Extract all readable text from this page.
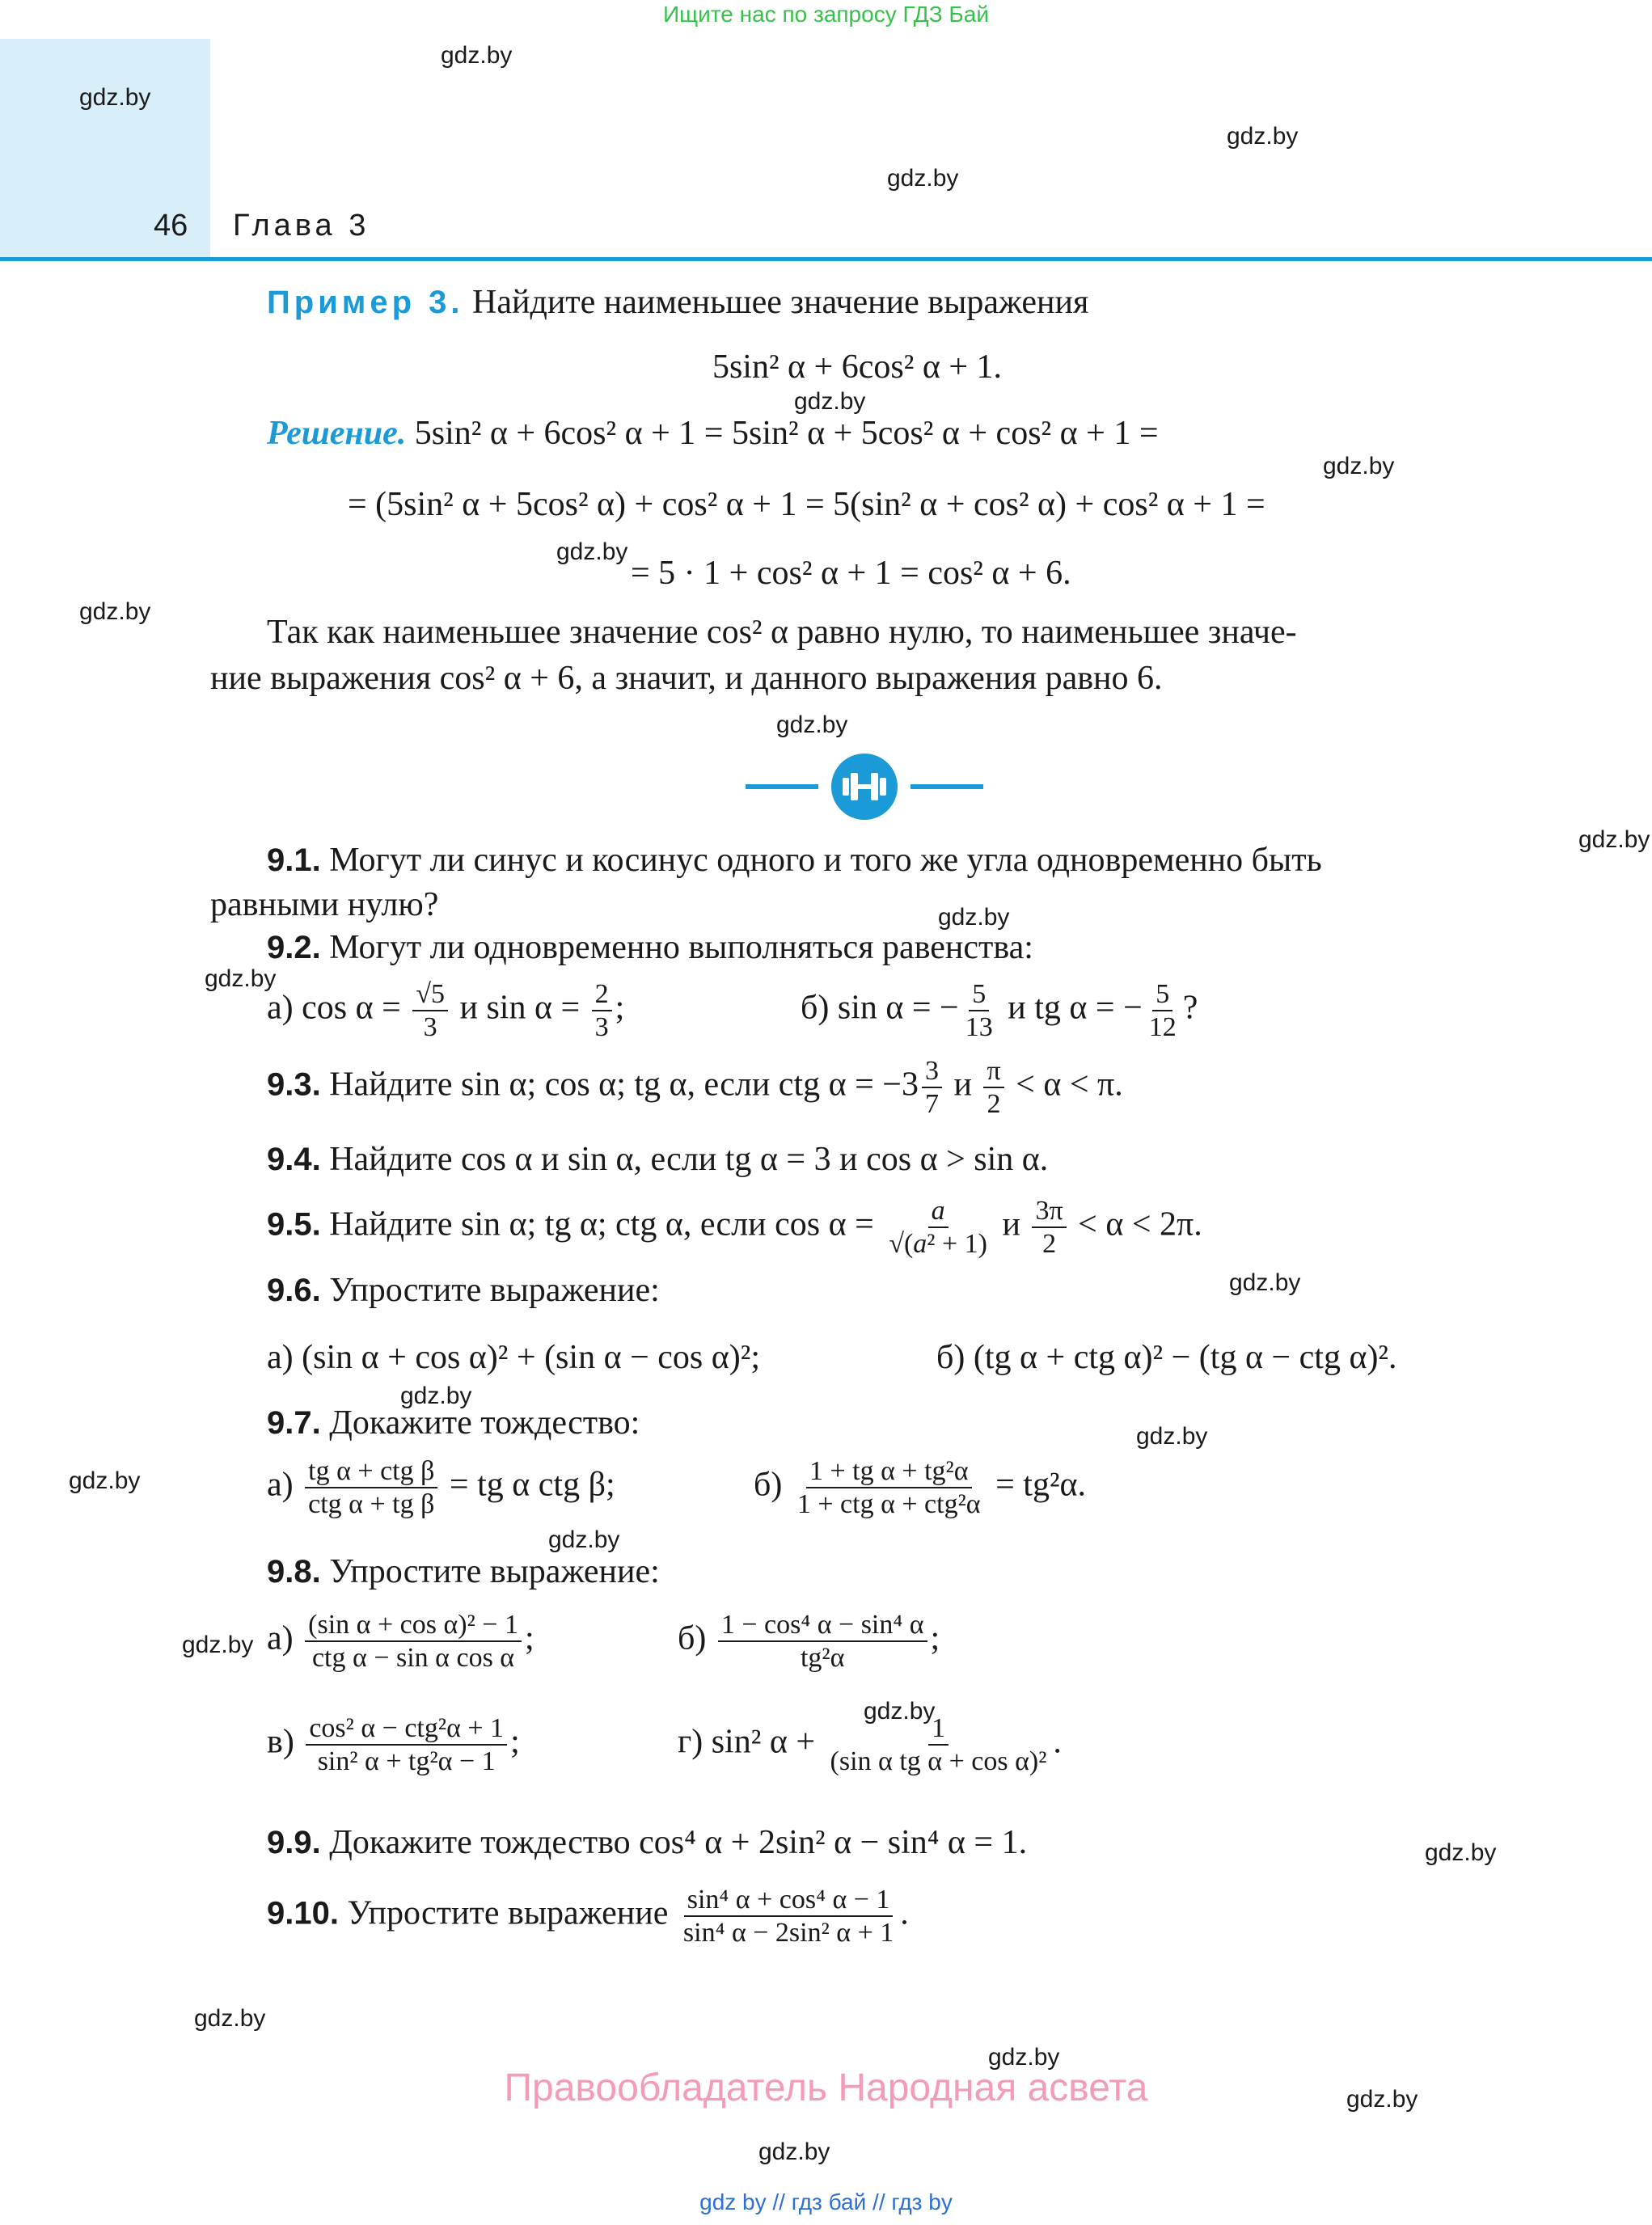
Ищите нас по запросу ГДЗ Бай
46 Глава 3
gdz.by
gdz.by
gdz.by
gdz.by
gdz.by
gdz.by
gdz.by
gdz.by
gdz.by
gdz.by
gdz.by
gdz.by
gdz.by
gdz.by
gdz.by
gdz.by
gdz.by
gdz.by
gdz.by
gdz.by
gdz.by
gdz.by
gdz.by
gdz.by
Пример 3. Найдите наименьшее значение выражения
5sin² α + 6cos² α + 1.
Решение. 5sin² α + 6cos² α + 1 = 5sin² α + 5cos² α + cos² α + 1 =
= (5sin² α + 5cos² α) + cos² α + 1 = 5(sin² α + cos² α) + cos² α + 1 =
= 5 · 1 + cos² α + 1 = cos² α + 6.
Так как наименьшее значение cos² α равно нулю, то наименьшее значе-
ние выражения cos² α + 6, а значит, и данного выражения равно 6.
9.1. Могут ли синус и косинус одного и того же угла одновременно быть
равными нулю?
9.2. Могут ли одновременно выполняться равенства:
а) $\cos \alpha = \frac{√5}{3}$ и $\sin \alpha = \frac{2}{3}$ ;	б) sin α = − $\frac{5}{13}$ и tg α = − $\frac{5}{12}$ ?
9.3. Найдите sin α; cos α; tg α, если ctg $\alpha = -3 \frac{3}{7}$ и $\frac{\pi}{2} < \alpha < \pi$.
9.4. Найдите cos α и sin α, если tg α = 3 и cos α > sin α.
9.5. Найдите sin α; tg α; ctg α, если $\cos \alpha = \frac{a}{\text{√(a² + 1)}}$ и $\frac{3\pi}{2} < \alpha < 2\pi$.
9.6. Упростите выражение:
а) (sin α + cos α)² + (sin α − cos α)²;	б) (tg α + ctg α)² − (tg α − ctg α)².
9.7. Докажите тождество:
$а) \frac{\text{tg α + ctg β}}{\text{ctg α + tg β}}$ = tg α ctg β;	$б) \frac{\text{1 + tg α + tg²α}}{\text{1 + ctg α + ctg²α}} = tg^2\alpha$.
9.8. Упростите выражение:
$а) \frac{\text{(sin α + cos α)² − 1}}{\text{ctg α − sin α cos α}}$ ;	$б) \frac{\text{1 − cos⁴ α − sin⁴ α}}{\text{tg²α}}$ ;
$в) \frac{\text{cos² α − ctg²α + 1}}{\text{sin² α + tg²α − 1}}$ ;	г) sin² $\alpha + \frac{1}{\text{(sin α tg α + cos α)²}}$ .
9.9. Докажите тождество cos⁴ α + 2sin² α − sin⁴ α = 1.
9.10. Упростите выражение $\frac{\text{sin⁴ α + cos⁴ α − 1}}{\text{sin⁴ α − 2sin² α + 1}}$ .
Правообладатель Народная асвета
gdz by // гдз бай // гдз by
